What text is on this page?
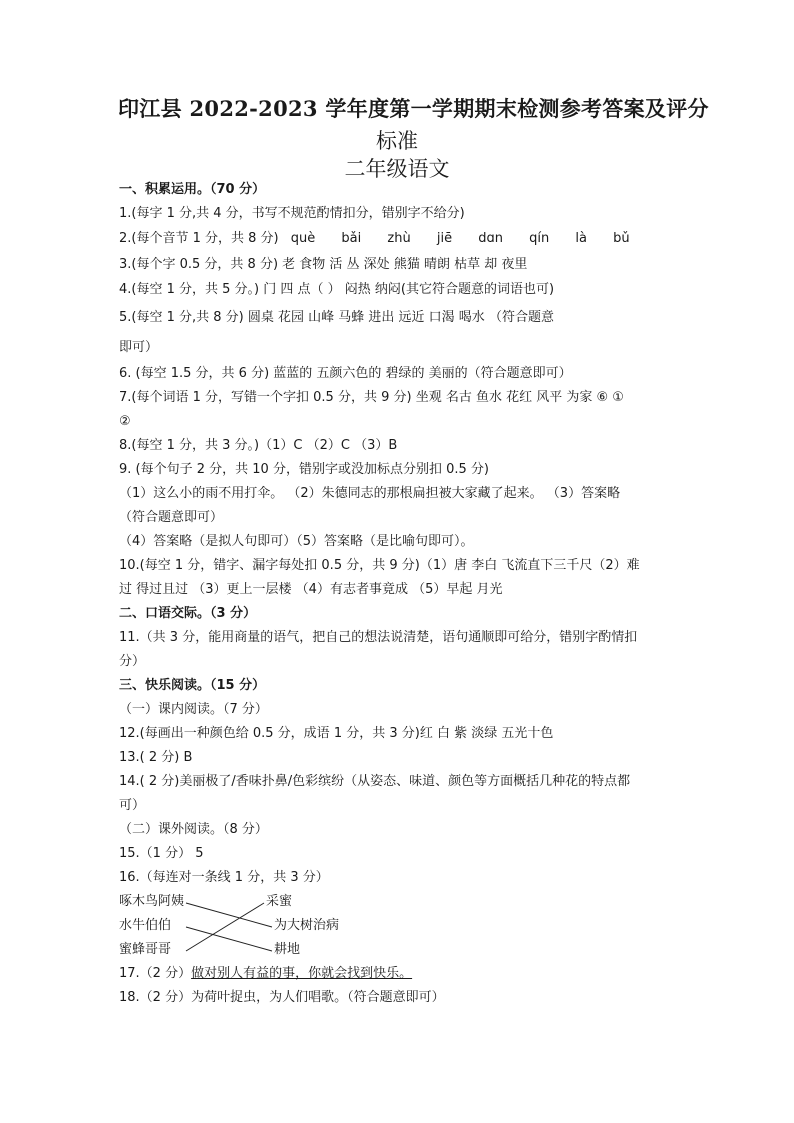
印江县 2022-2023 学年度第一学期期末检测参考答案及评分
标准
二年级语文
一、积累运用。（70 分）
1.(每字 1 分,共 4 分，书写不规范酌情扣分，错别字不给分)
2.(每个音节 1 分，共 8 分) què bǎi zhù jiē dɑn qín là bǔ
3.(每个字 0.5 分，共 8 分) 老 食物 活 丛 深处 熊猫 晴朗 枯草 却 夜里
4.(每空 1 分，共 5 分。) 门 四 点（ ） 闷热 纳闷(其它符合题意的词语也可)
5.(每空 1 分,共 8 分) 圆桌 花园 山峰 马蜂 进出 远近 口渴 喝水 （符合题意
即可）
6. (每空 1.5 分，共 6 分) 蓝蓝的 五颜六色的 碧绿的 美丽的（符合题意即可）
7.(每个词语 1 分，写错一个字扣 0.5 分，共 9 分) 坐观 名古 鱼水 花红 风平 为家 ⑥ ①
②
8.(每空 1 分，共 3 分。)（1）C （2）C （3）B
9. (每个句子 2 分，共 10 分，错别字或没加标点分别扣 0.5 分)
（1）这么小的雨不用打伞。 （2）朱德同志的那根扁担被大家藏了起来。 （3）答案略
（符合题意即可）
（4）答案略（是拟人句即可）（5）答案略（是比喻句即可）。
10.(每空 1 分，错字、漏字每处扣 0.5 分，共 9 分)（1）唐 李白 飞流直下三千尺（2）难
过 得过且过 （3）更上一层楼 （4）有志者事竟成 （5）早起 月光
二、口语交际。（3 分）
11.（共 3 分，能用商量的语气，把自己的想法说清楚，语句通顺即可给分，错别字酌情扣
分）
三、快乐阅读。（15 分）
（一）课内阅读。（7 分）
12.(每画出一种颜色给 0.5 分，成语 1 分，共 3 分)红 白 紫 淡绿 五光十色
13.( 2 分) B
14.( 2 分)美丽极了/香味扑鼻/色彩缤纷（从姿态、味道、颜色等方面概括几种花的特点都
可）
（二）课外阅读。（8 分）
15.（1 分） 5
16.（每连对一条线 1 分，共 3 分）
啄木鸟阿姨
水牛伯伯
蜜蜂哥哥
采蜜
为大树治病
耕地
17.（2 分）做对别人有益的事，你就会找到快乐。
18.（2 分）为荷叶捉虫，为人们唱歌。（符合题意即可）
